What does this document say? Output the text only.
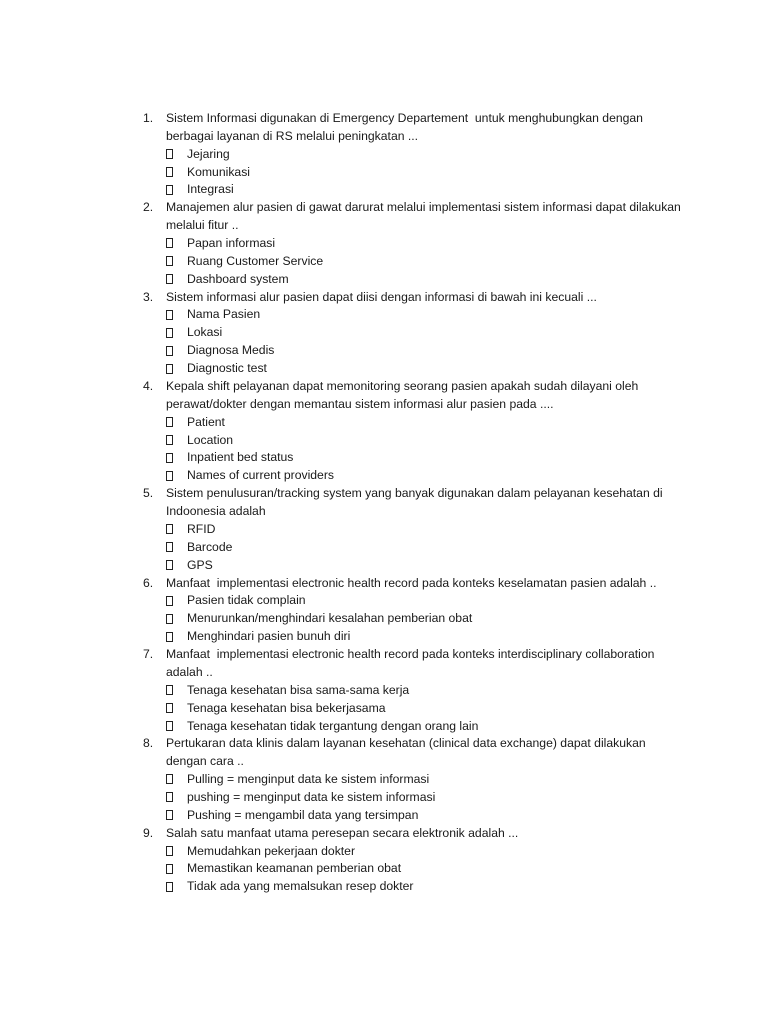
1.	Sistem Informasi digunakan di Emergency Departement  untuk menghubungkan dengan berbagai layanan di RS melalui peningkatan ...
Jejaring
Komunikasi
Integrasi
2.	Manajemen alur pasien di gawat darurat melalui implementasi sistem informasi dapat dilakukan melalui fitur ..
Papan informasi
Ruang Customer Service
Dashboard system
3.	Sistem informasi alur pasien dapat diisi dengan informasi di bawah ini kecuali ...
Nama Pasien
Lokasi
Diagnosa Medis
Diagnostic test
4.	Kepala shift pelayanan dapat memonitoring seorang pasien apakah sudah dilayani oleh perawat/dokter dengan memantau sistem informasi alur pasien pada ....
Patient
Location
Inpatient bed status
Names of current providers
5.	Sistem penulusuran/tracking system yang banyak digunakan dalam pelayanan kesehatan di Indoonesia adalah
RFID
Barcode
GPS
6.	Manfaat  implementasi electronic health record pada konteks keselamatan pasien adalah ..
Pasien tidak complain
Menurunkan/menghindari kesalahan pemberian obat
Menghindari pasien bunuh diri
7.	Manfaat  implementasi electronic health record pada konteks interdisciplinary collaboration adalah ..
Tenaga kesehatan bisa sama-sama kerja
Tenaga kesehatan bisa bekerjasama
Tenaga kesehatan tidak tergantung dengan orang lain
8.	Pertukaran data klinis dalam layanan kesehatan (clinical data exchange) dapat dilakukan dengan cara ..
Pulling = menginput data ke sistem informasi
pushing = menginput data ke sistem informasi
Pushing = mengambil data yang tersimpan
9.	Salah satu manfaat utama peresepan secara elektronik adalah ...
Memudahkan pekerjaan dokter
Memastikan keamanan pemberian obat
Tidak ada yang memalsukan resep dokter
